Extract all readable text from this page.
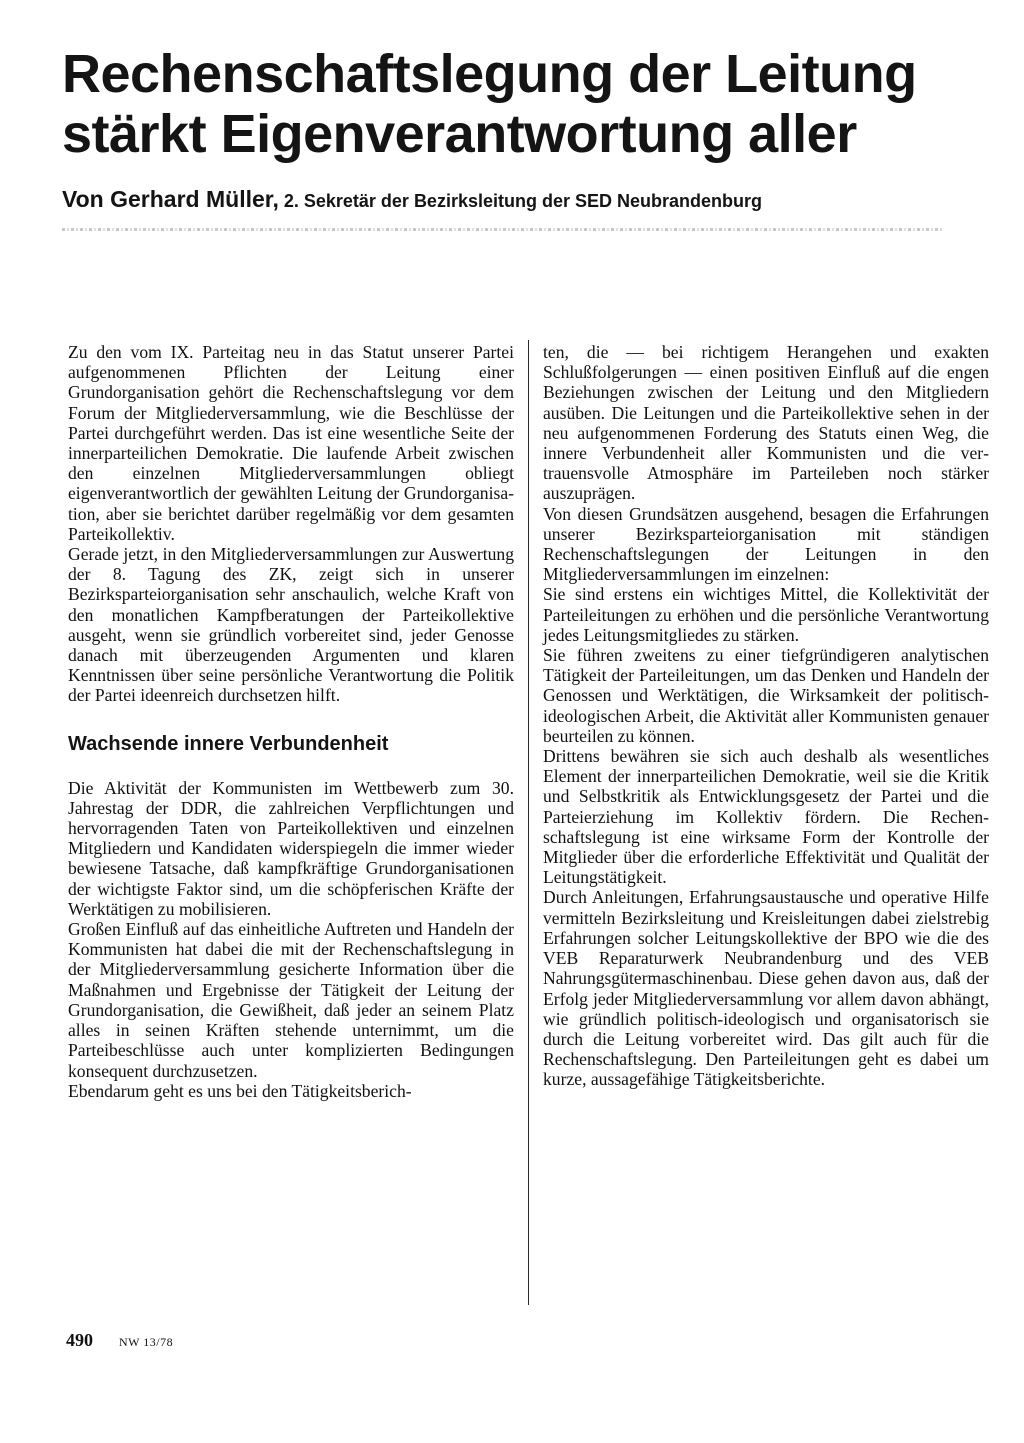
Rechenschaftslegung der Leitung stärkt Eigenverantwortung aller

Von Gerhard Müller, 2. Sekretär der Bezirksleitung der SED Neubrandenburg

Zu den vom IX. Parteitag neu in das Statut unserer Partei aufgenommenen Pflichten der Leitung einer Grundorganisation gehört die Rechenschaftslegung vor dem Forum der Mitgliederversammlung, wie die Beschlüsse der Partei durchgeführt werden. Das ist eine wesentliche Seite der innerparteilichen Demokratie. Die laufende Arbeit zwischen den einzelnen Mitgliederversammlungen obliegt eigenverantwortlich der gewählten Leitung der Grundorganisation, aber sie berichtet darüber regelmäßig vor dem gesamten Parteikollektiv.

Gerade jetzt, in den Mitgliederversammlungen zur Auswertung der 8. Tagung des ZK, zeigt sich in unserer Bezirksparteiorganisation sehr anschaulich, welche Kraft von den monatlichen Kampfberatungen der Parteikollektive ausgeht, wenn sie gründlich vorbereitet sind, jeder Genosse danach mit überzeugenden Argumenten und klaren Kenntnissen über seine persönliche Verantwortung die Politik der Partei ideenreich durchsetzen hilft.

Wachsende innere Verbundenheit

Die Aktivität der Kommunisten im Wettbewerb zum 30. Jahrestag der DDR, die zahlreichen Verpflichtungen und hervorragenden Taten von Parteikollektiven und einzelnen Mitgliedern und Kandidaten widerspiegeln die immer wieder bewiesene Tatsache, daß kampfkräftige Grundorganisationen der wichtigste Faktor sind, um die schöpferischen Kräfte der Werktätigen zu mobilisieren.

Großen Einfluß auf das einheitliche Auftreten und Handeln der Kommunisten hat dabei die mit der Rechenschaftslegung in der Mitgliederversammlung gesicherte Information über die Maßnahmen und Ergebnisse der Tätigkeit der Leitung der Grundorganisation, die Gewißheit, daß jeder an seinem Platz alles in seinen Kräften stehende unternimmt, um die Parteibeschlüsse auch unter komplizierten Bedingungen konsequent durchzusetzen.

Ebendarum geht es uns bei den Tätigkeitsberich-

ten, die — bei richtigem Herangehen und exakten Schlußfolgerungen — einen positiven Einfluß auf die engen Beziehungen zwischen der Leitung und den Mitgliedern ausüben. Die Leitungen und die Parteikollektive sehen in der neu aufgenommenen Forderung des Statuts einen Weg, die innere Verbundenheit aller Kommunisten und die vertrauensvolle Atmosphäre im Parteileben noch stärker auszuprägen.

Von diesen Grundsätzen ausgehend, besagen die Erfahrungen unserer Bezirksparteiorganisation mit ständigen Rechenschaftslegungen der Leitungen in den Mitgliederversammlungen im einzelnen:

Sie sind erstens ein wichtiges Mittel, die Kollektivität der Parteileitungen zu erhöhen und die persönliche Verantwortung jedes Leitungsmitgliedes zu stärken.

Sie führen zweitens zu einer tiefgründigeren analytischen Tätigkeit der Parteileitungen, um das Denken und Handeln der Genossen und Werktätigen, die Wirksamkeit der politisch-ideologischen Arbeit, die Aktivität aller Kommunisten genauer beurteilen zu können.

Drittens bewähren sie sich auch deshalb als wesentliches Element der innerparteilichen Demokratie, weil sie die Kritik und Selbstkritik als Entwicklungsgesetz der Partei und die Parteierziehung im Kollektiv fördern. Die Rechenschaftslegung ist eine wirksame Form der Kontrolle der Mitglieder über die erforderliche Effektivität und Qualität der Leitungstätigkeit.

Durch Anleitungen, Erfahrungsaustausche und operative Hilfe vermitteln Bezirksleitung und Kreisleitungen dabei zielstrebig Erfahrungen solcher Leitungskollektive der BPO wie die des VEB Reparaturwerk Neubrandenburg und des VEB Nahrungsgütermaschinenbau. Diese gehen davon aus, daß der Erfolg jeder Mitgliederversammlung vor allem davon abhängt, wie gründlich politisch-ideologisch und organisatorisch sie durch die Leitung vorbereitet wird. Das gilt auch für die Rechenschaftslegung. Den Parteileitungen geht es dabei um kurze, aussagefähige Tätigkeitsberichte.

490 NW 13/78
